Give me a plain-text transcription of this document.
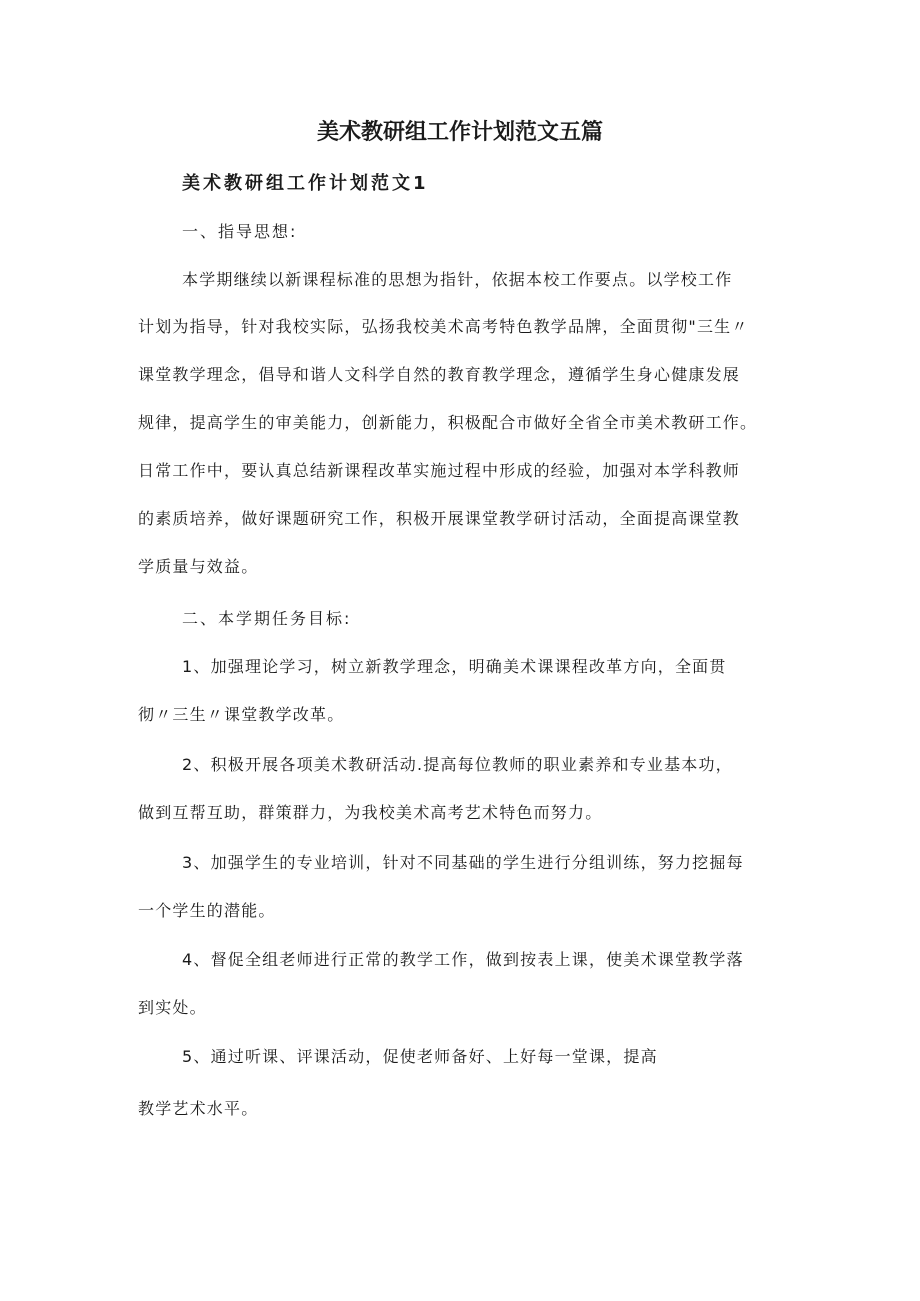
美术教研组工作计划范文五篇
美术教研组工作计划范文1

一、指导思想:

本学期继续以新课程标准的思想为指针，依据本校工作要点。以学校工作

计划为指导，针对我校实际，弘扬我校美术高考特色教学品牌，全面贯彻"三生〃

课堂教学理念，倡导和谐人文科学自然的教育教学理念，遵循学生身心健康发展

规律，提高学生的审美能力，创新能力，积极配合市做好全省全市美术教研工作。

日常工作中，要认真总结新课程改革实施过程中形成的经验，加强对本学科教师

的素质培养，做好课题研究工作，积极开展课堂教学研讨活动，全面提高课堂教

学质量与效益。

二、本学期任务目标:

1、加强理论学习，树立新教学理念，明确美术课课程改革方向，全面贯

彻〃三生〃课堂教学改革。

2、积极开展各项美术教研活动.提高每位教师的职业素养和专业基本功，

做到互帮互助，群策群力，为我校美术高考艺术特色而努力。

3、加强学生的专业培训，针对不同基础的学生进行分组训练，努力挖掘每

一个学生的潜能。

4、督促全组老师进行正常的教学工作，做到按表上课，使美术课堂教学落

到实处。

5、通过听课、评课活动，促使老师备好、上好每一堂课，提高

教学艺术水平。
